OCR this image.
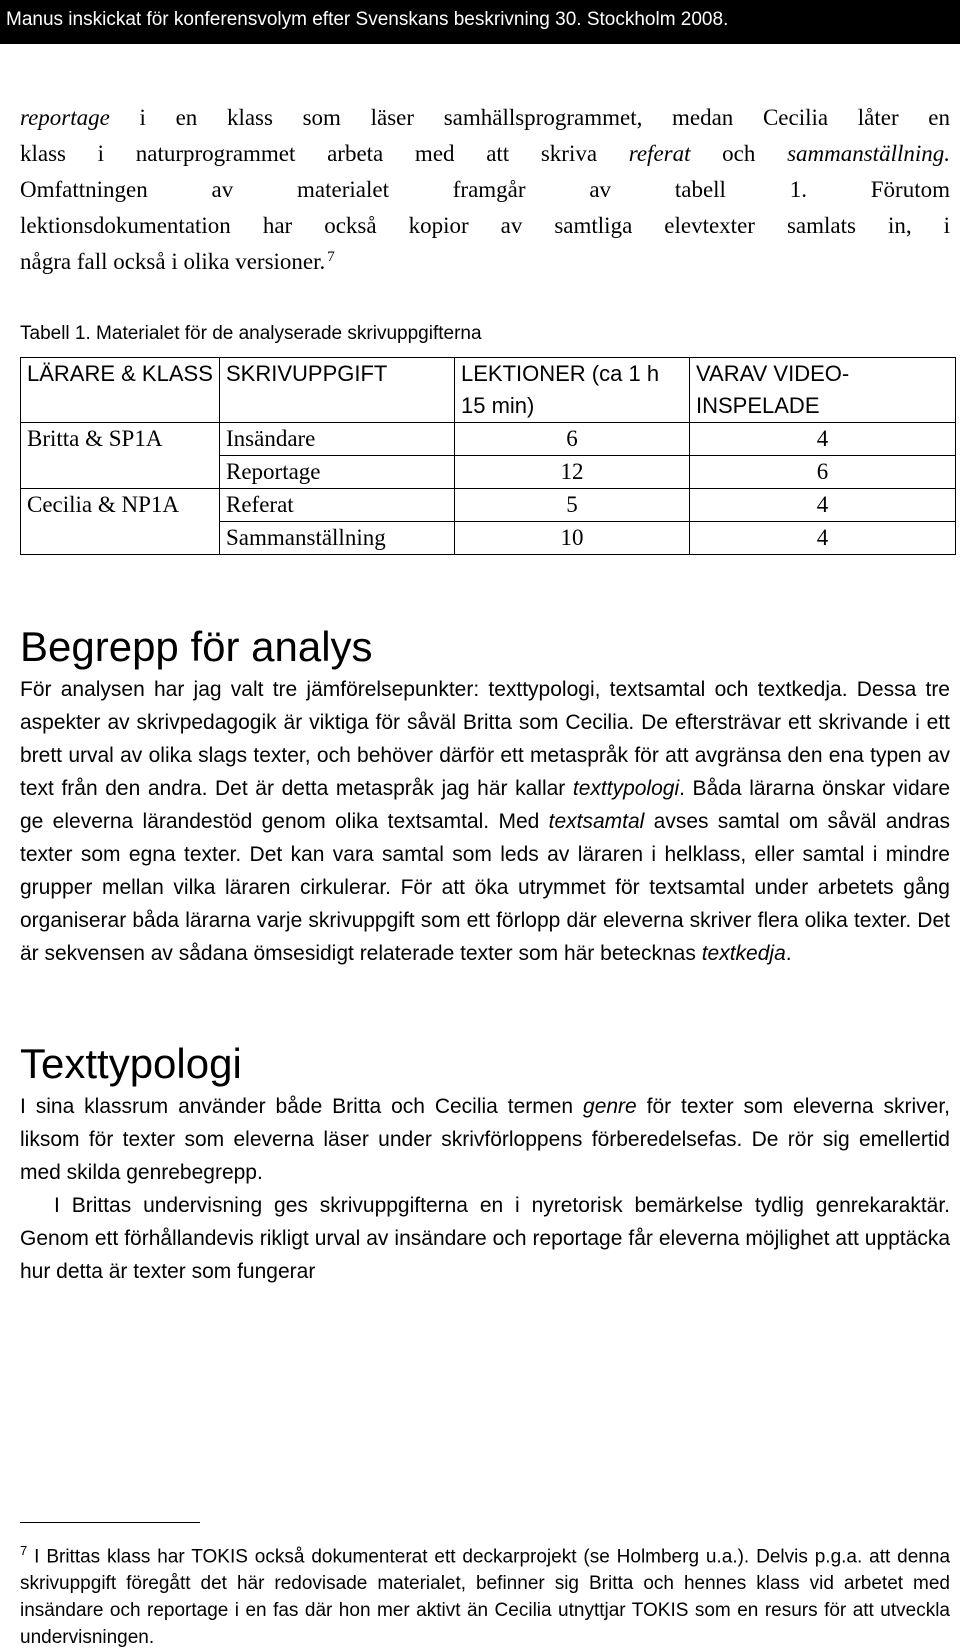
Manus inskickat för konferensvolym efter Svenskans beskrivning 30. Stockholm 2008.

reportage i en klass som läser samhällsprogrammet, medan Cecilia låter en
klass i naturprogrammet arbeta med att skriva referat och sammanställning.
Omfattningen av materialet framgår av tabell 1. Förutom
lektionsdokumentation har också kopior av samtliga elevtexter samlats in, i
några fall också i olika versioner. $^7$

Tabell 1. Materialet för de analyserade skrivuppgifterna
LÄRARE & KLASS	SKRIVUPPGIFT	LEKTIONER (ca 1 h 15 min)	VARAV VIDEO-INSPELADE
Britta & SP1A	Insändare	6	4
	Reportage	12	6
Cecilia & NP1A	Referat	5	4
	Sammanställning	10	4
Begrepp för analys

För analysen har jag valt tre jämförelsepunkter: texttypologi, textsamtal och textkedja. Dessa tre aspekter av skrivpedagogik är viktiga för såväl Britta som Cecilia. De eftersträvar ett skrivande i ett brett urval av olika slags texter, och behöver därför ett metaspråk för att avgränsa den ena typen av text från den andra. Det är detta metaspråk jag här kallar texttypologi. Båda lärarna önskar vidare ge eleverna lärandestöd genom olika textsamtal. Med textsamtal avses samtal om såväl andras texter som egna texter. Det kan vara samtal som leds av läraren i helklass, eller samtal i mindre grupper mellan vilka läraren cirkulerar. För att öka utrymmet för textsamtal under arbetets gång organiserar båda lärarna varje skrivuppgift som ett förlopp där eleverna skriver flera olika texter. Det är sekvensen av sådana ömsesidigt relaterade texter som här betecknas textkedja.

Texttypologi

I sina klassrum använder både Britta och Cecilia termen genre för texter som eleverna skriver, liksom för texter som eleverna läser under skrivförloppens förberedelsefas. De rör sig emellertid med skilda genrebegrepp.

I Brittas undervisning ges skrivuppgifterna en i nyretorisk bemärkelse tydlig genrekaraktär. Genom ett förhållandevis rikligt urval av insändare och reportage får eleverna möjlighet att upptäcka hur detta är texter som fungerar

$^7$ I Brittas klass har TOKIS också dokumenterat ett deckarprojekt (se Holmberg u.a.). Delvis p.g.a. att denna skrivuppgift föregått det här redovisade materialet, befinner sig Britta och hennes klass vid arbetet med insändare och reportage i en fas där hon mer aktivt än Cecilia utnyttjar TOKIS som en resurs för att utveckla undervisningen.
